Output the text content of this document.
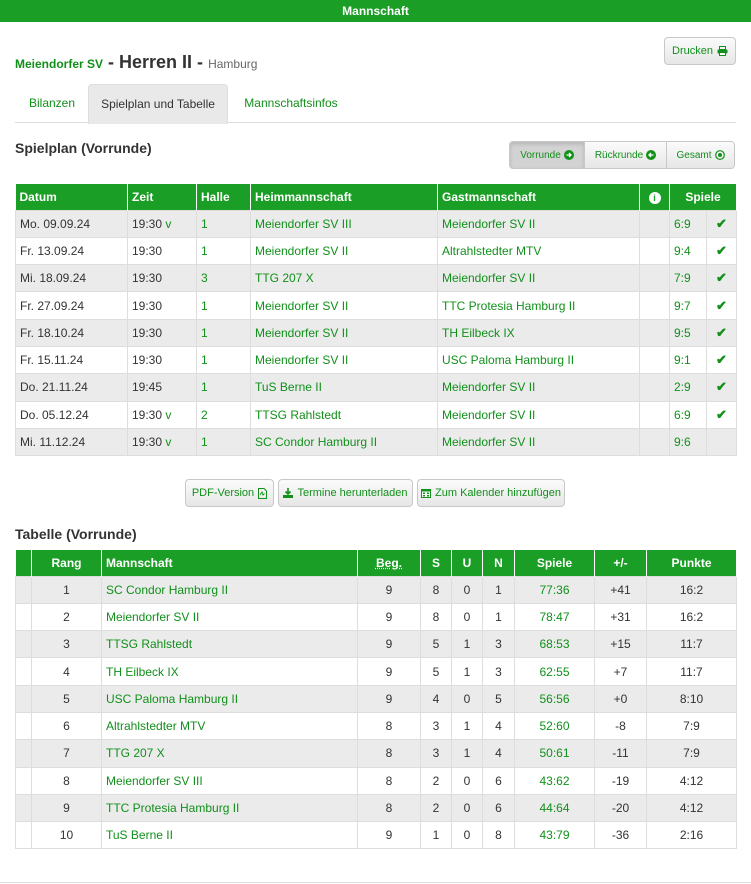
Mannschaft
Meiendorfer SV - Herren II - Hamburg
Drucken
Bilanzen	Spielplan und Tabelle	Mannschaftsinfos
Spielplan (Vorrunde)	Vorrunde	Rückrunde	Gesamt
Datum	Zeit	Halle	Heimmannschaft	Gastmannschaft	i	Spiele	
Mo. 09.09.24	19:30 v	1	Meiendorfer SV III	Meiendorfer SV II		6:9	✔
Fr. 13.09.24	19:30	1	Meiendorfer SV II	Altrahlstedter MTV		9:4	✔
Mi. 18.09.24	19:30	3	TTG 207 X	Meiendorfer SV II		7:9	✔
Fr. 27.09.24	19:30	1	Meiendorfer SV II	TTC Protesia Hamburg II		9:7	✔
Fr. 18.10.24	19:30	1	Meiendorfer SV II	TH Eilbeck IX		9:5	✔
Fr. 15.11.24	19:30	1	Meiendorfer SV II	USC Paloma Hamburg II		9:1	✔
Do. 21.11.24	19:45	1	TuS Berne II	Meiendorfer SV II		2:9	✔
Do. 05.12.24	19:30 v	2	TTSG Rahlstedt	Meiendorfer SV II		6:9	✔
Mi. 11.12.24	19:30 v	1	SC Condor Hamburg II	Meiendorfer SV II		9:6	
PDF-Version	Termine herunterladen Zum Kalender hinzufügen
Tabelle (Vorrunde)
	Rang	Mannschaft	Beg.	S	U	N	Spiele	+/-	Punkte
	1	SC Condor Hamburg II	9	8	0	1	77:36	+41	16:2
	2	Meiendorfer SV II	9	8	0	1	78:47	+31	16:2
	3	TTSG Rahlstedt	9	5	1	3	68:53	+15	11:7
	4	TH Eilbeck IX	9	5	1	3	62:55	+7	11:7
	5	USC Paloma Hamburg II	9	4	0	5	56:56	+0	8:10
	6	Altrahlstedter MTV	8	3	1	4	52:60	-8	7:9
	7	TTG 207 X	8	3	1	4	50:61	-11	7:9
	8	Meiendorfer SV III	8	2	0	6	43:62	-19	4:12
	9	TTC Protesia Hamburg II	8	2	0	6	44:64	-20	4:12
	10	TuS Berne II	9	1	0	8	43:79	-36	2:16
